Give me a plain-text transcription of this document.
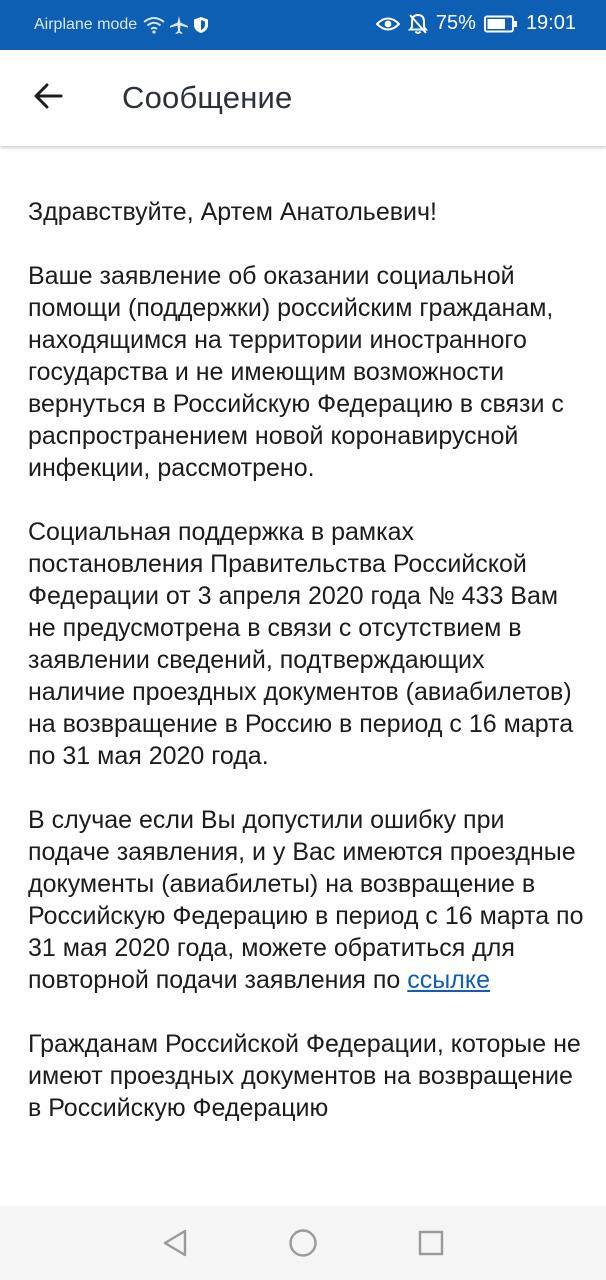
Airplane mode	75%	19:01
Сообщение

Здравствуйте, Артем Анатольевич!

Ваше заявление об оказании социальной помощи (поддержки) российским гражданам, находящимся на территории иностранного государства и не имеющим возможности вернуться в Российскую Федерацию в связи с распространением новой коронавирусной инфекции, рассмотрено.

Социальная поддержка в рамках постановления Правительства Российской Федерации от 3 апреля 2020 года № 433 Вам не предусмотрена в связи с отсутствием в заявлении сведений, подтверждающих наличие проездных документов (авиабилетов) на возвращение в Россию в период с 16 марта по 31 мая 2020 года.

В случае если Вы допустили ошибку при подаче заявления, и у Вас имеются проездные документы (авиабилеты) на возвращение в Российскую Федерацию в период с 16 марта по 31 мая 2020 года, можете обратиться для повторной подачи заявления по ссылке

Гражданам Российской Федерации, которые не имеют проездных документов на возвращение в Российскую Федерацию
